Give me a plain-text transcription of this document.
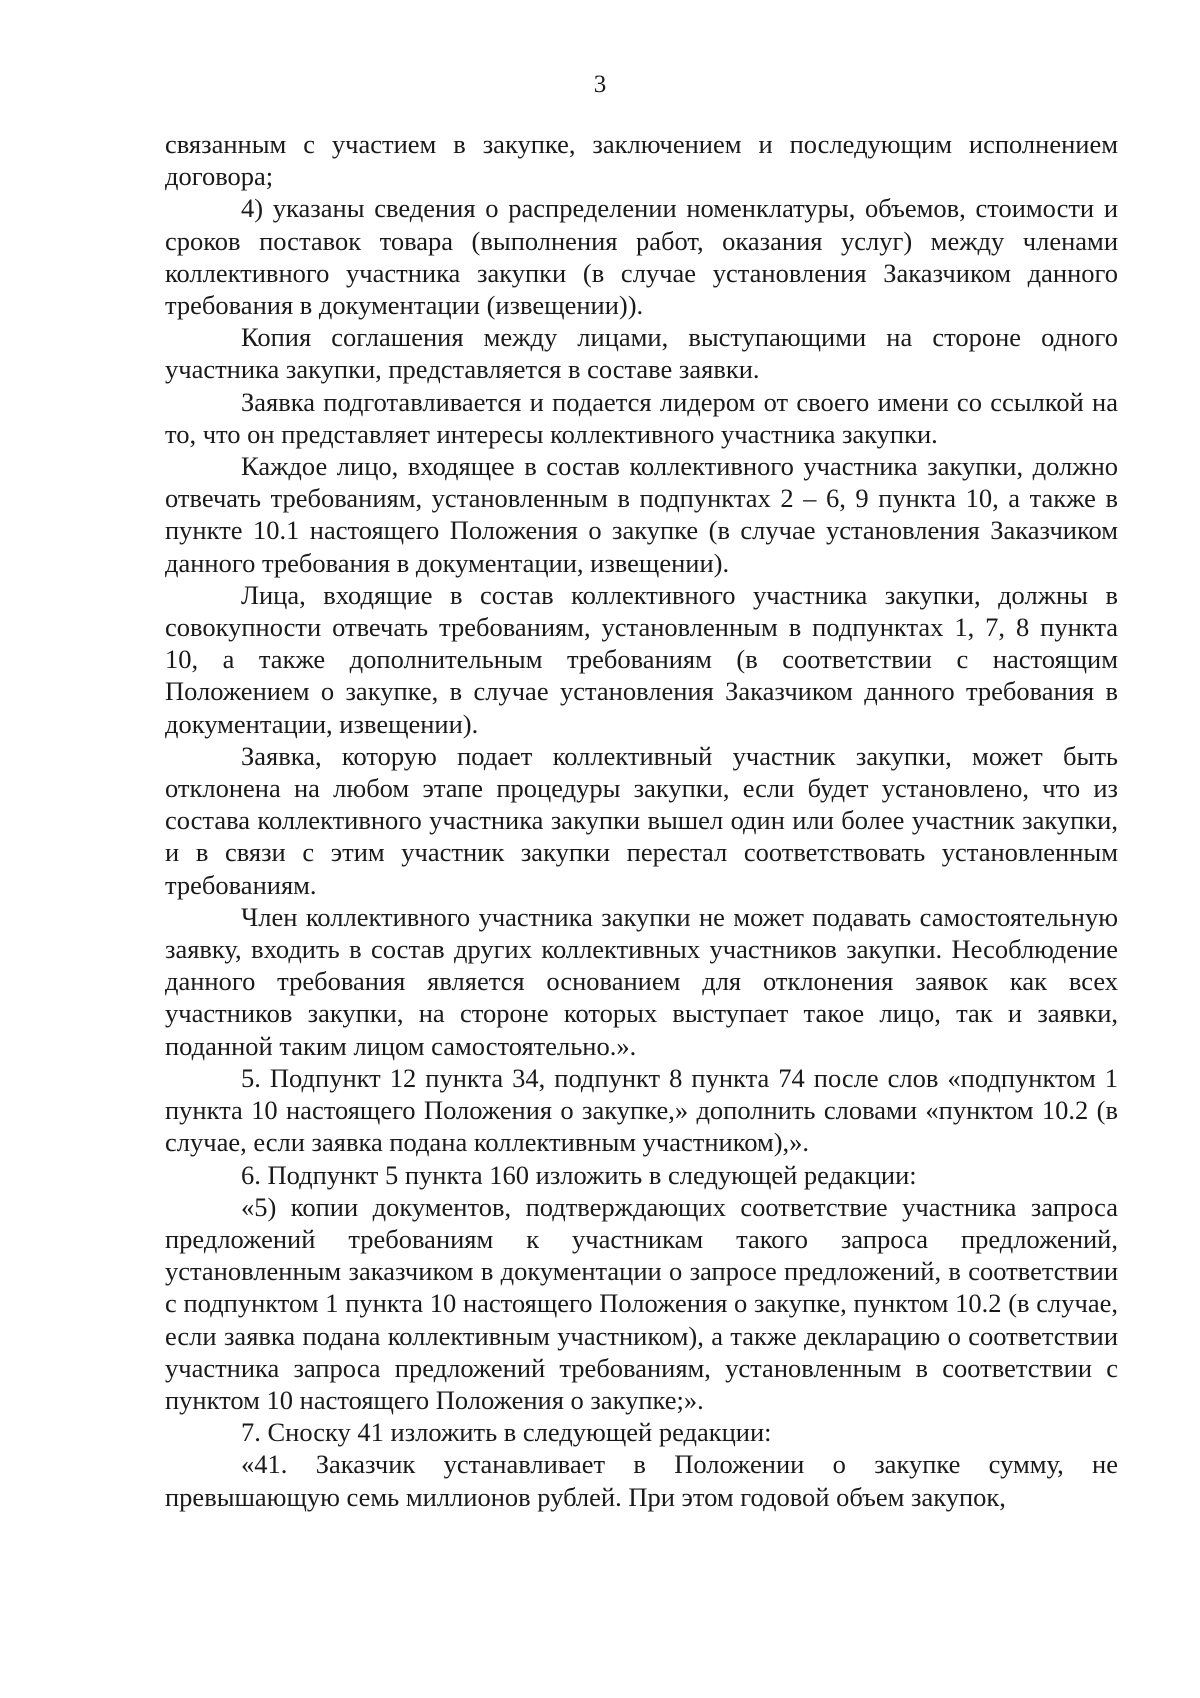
3

связанным с участием в закупке, заключением и последующим исполнением договора;

4) указаны сведения о распределении номенклатуры, объемов, стоимости и сроков поставок товара (выполнения работ, оказания услуг) между членами коллективного участника закупки (в случае установления Заказчиком данного требования в документации (извещении)).

Копия соглашения между лицами, выступающими на стороне одного участника закупки, представляется в составе заявки.

Заявка подготавливается и подается лидером от своего имени со ссылкой на то, что он представляет интересы коллективного участника закупки.

Каждое лицо, входящее в состав коллективного участника закупки, должно отвечать требованиям, установленным в подпунктах 2 – 6, 9 пункта 10, а также в пункте 10.1 настоящего Положения о закупке (в случае установления Заказчиком данного требования в документации, извещении).

Лица, входящие в состав коллективного участника закупки, должны в совокупности отвечать требованиям, установленным в подпунктах 1, 7, 8 пункта 10, а также дополнительным требованиям (в соответствии с настоящим Положением о закупке, в случае установления Заказчиком данного требования в документации, извещении).

Заявка, которую подает коллективный участник закупки, может быть отклонена на любом этапе процедуры закупки, если будет установлено, что из состава коллективного участника закупки вышел один или более участник закупки, и в связи с этим участник закупки перестал соответствовать установленным требованиям.

Член коллективного участника закупки не может подавать самостоятельную заявку, входить в состав других коллективных участников закупки. Несоблюдение данного требования является основанием для отклонения заявок как всех участников закупки, на стороне которых выступает такое лицо, так и заявки, поданной таким лицом самостоятельно.».

5. Подпункт 12 пункта 34, подпункт 8 пункта 74 после слов «подпунктом 1 пункта 10 настоящего Положения о закупке,» дополнить словами «пунктом 10.2 (в случае, если заявка подана коллективным участником),».

6. Подпункт 5 пункта 160 изложить в следующей редакции:

«5) копии документов, подтверждающих соответствие участника запроса предложений требованиям к участникам такого запроса предложений, установленным заказчиком в документации о запросе предложений, в соответствии с подпунктом 1 пункта 10 настоящего Положения о закупке, пунктом 10.2 (в случае, если заявка подана коллективным участником), а также декларацию о соответствии участника запроса предложений требованиям, установленным в соответствии с пунктом 10 настоящего Положения о закупке;».

7. Сноску 41 изложить в следующей редакции:

«41. Заказчик устанавливает в Положении о закупке сумму, не превышающую семь миллионов рублей. При этом годовой объем закупок,
